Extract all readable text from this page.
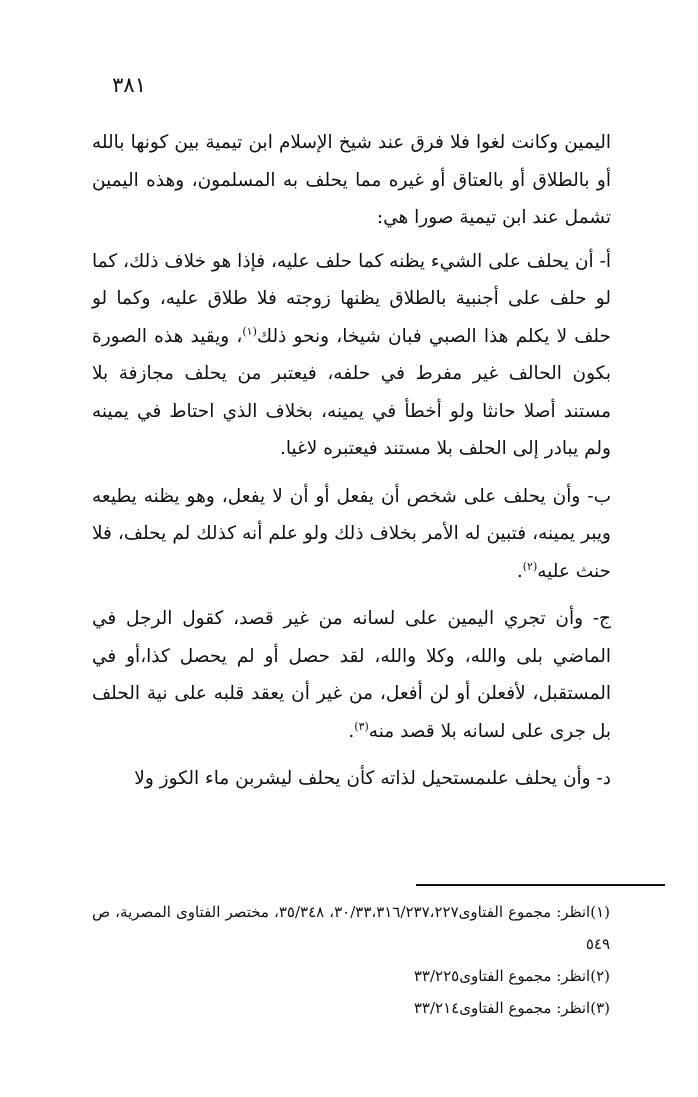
٣٨١

اليمين وكانت لغوا فلا فرق عند شيخ الإسلام ابن تيمية بين كونها بالله أو بالطلاق أو بالعتاق أو غيره مما يحلف به المسلمون، وهذه اليمين تشمل عند ابن تيمية صورا هي:

أ- أن يحلف على الشيء يظنه كما حلف عليه، فإذا هو خلاف ذلك، كما لو حلف على أجنبية بالطلاق يظنها زوجته فلا طلاق عليه، وكما لو حلف لا يكلم هذا الصبي فبان شيخا، ونحو ذلك$^{(١)}$، ويقيد هذه الصورة بكون الحالف غير مفرط في حلفه، فيعتبر من يحلف مجازفة بلا مستند أصلا حانثا ولو أخطأ في يمينه، بخلاف الذي احتاط في يمينه ولم يبادر إلى الحلف بلا مستند فيعتبره لاغيا.

ب- وأن يحلف على شخص أن يفعل أو أن لا يفعل، وهو يظنه يطيعه ويبر يمينه، فتبين له الأمر بخلاف ذلك ولو علم أنه كذلك لم يحلف، فلا حنث عليه$^{(٢)}$.

ج- وأن تجري اليمين على لسانه من غير قصد، كقول الرجل في الماضي بلى والله، وكلا والله، لقد حصل أو لم يحصل كذا،أو في المستقبل، لأفعلن أو لن أفعل، من غير أن يعقد قلبه على نية الحلف بل جرى على لسانه بلا قصد منه$^{(٣)}$.

د- وأن يحلف علىمستحيل لذاته كأن يحلف ليشربن ماء الكوز ولا

(١)انظر: مجموع الفتاوى٣٠/٣٣،٣١٦/٢٣٧،٢٢٧، ٣٥/٣٤٨، مختصر الفتاوى المصرية، ص ٥٤٩

(٢)انظر: مجموع الفتاوى٣٣/٢٢٥

(٣)انظر: مجموع الفتاوى٣٣/٢١٤
